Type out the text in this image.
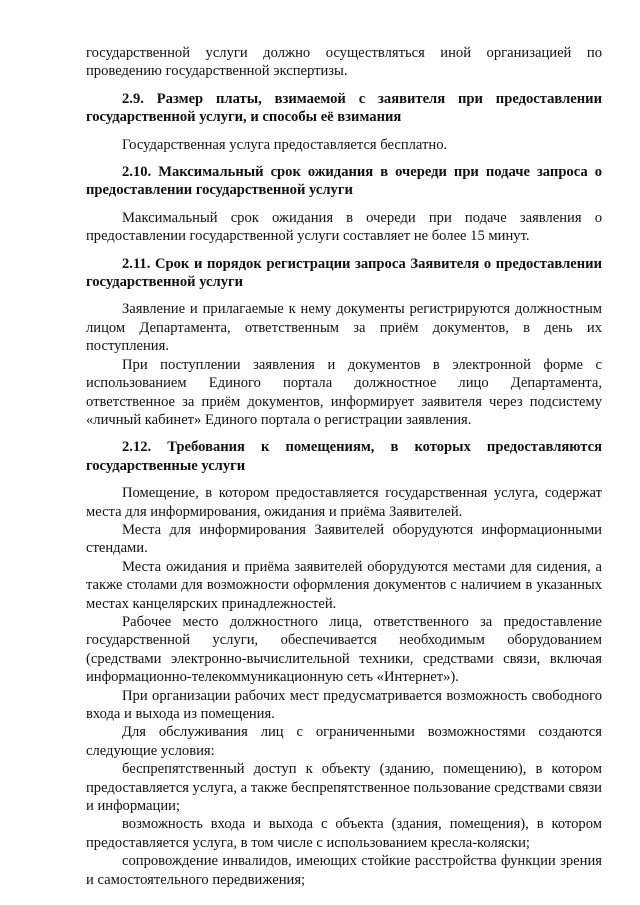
государственной услуги должно осуществляться иной организацией по проведению государственной экспертизы.

2.9. Размер платы, взимаемой с заявителя при предоставлении государственной услуги, и способы её взимания

Государственная услуга предоставляется бесплатно.

2.10. Максимальный срок ожидания в очереди при подаче запроса о предоставлении государственной услуги

Максимальный срок ожидания в очереди при подаче заявления о предоставлении государственной услуги составляет не более 15 минут.

2.11. Срок и порядок регистрации запроса Заявителя о предоставлении государственной услуги

Заявление и прилагаемые к нему документы регистрируются должностным лицом Департамента, ответственным за приём документов, в день их поступления.

При поступлении заявления и документов в электронной форме с использованием Единого портала должностное лицо Департамента, ответственное за приём документов, информирует заявителя через подсистему «личный кабинет» Единого портала о регистрации заявления.

2.12. Требования к помещениям, в которых предоставляются государственные услуги

Помещение, в котором предоставляется государственная услуга, содержат места для информирования, ожидания и приёма Заявителей.

Места для информирования Заявителей оборудуются информационными стендами.

Места ожидания и приёма заявителей оборудуются местами для сидения, а также столами для возможности оформления документов с наличием в указанных местах канцелярских принадлежностей.

Рабочее место должностного лица, ответственного за предоставление государственной услуги, обеспечивается необходимым оборудованием (средствами электронно-вычислительной техники, средствами связи, включая информационно-телекоммуникационную сеть «Интернет»).

При организации рабочих мест предусматривается возможность свободного входа и выхода из помещения.

Для обслуживания лиц с ограниченными возможностями создаются следующие условия:

беспрепятственный доступ к объекту (зданию, помещению), в котором предоставляется услуга, а также беспрепятственное пользование средствами связи и информации;

возможность входа и выхода с объекта (здания, помещения), в котором предоставляется услуга, в том числе с использованием кресла-коляски;

сопровождение инвалидов, имеющих стойкие расстройства функции зрения и самостоятельного передвижения;
